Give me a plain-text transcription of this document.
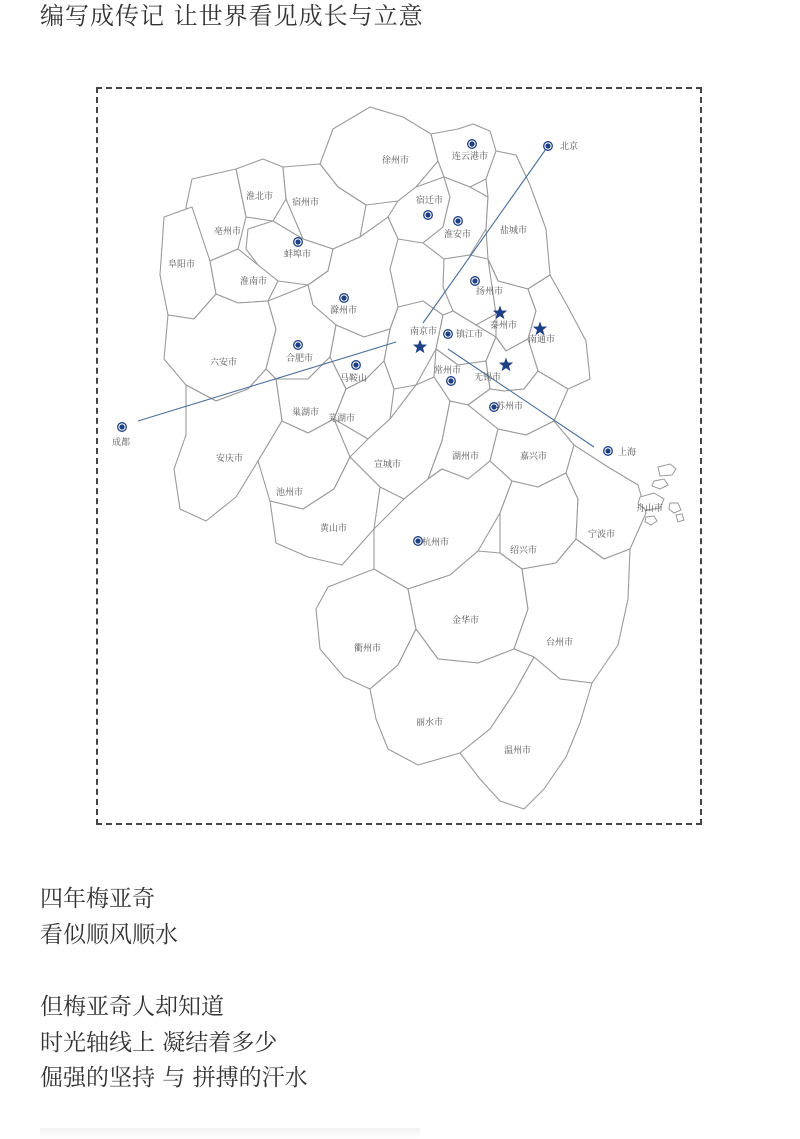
编写成传记 让世界看见成长与立意
徐州市	连云港市
宿迁市
淮安市	盐城市
扬州市
泰州市
南通市
南京市 镇江市
常州市
无锡市
苏州市
淮北市
宿州市
亳州市
蚌埠市
阜阳市
淮南市
滁州市
六安市	合肥市
马鞍山
巢湖市
芜湖市
安庆市
池州市
宣城市
黄山市
湖州市	嘉兴市
杭州市
绍兴市
宁波市
舟山市
衢州市
金华市
台州市
丽水市
温州市
北京
上海
成都
四年梅亚奇
看似顺风顺水
但梅亚奇人却知道
时光轴线上 凝结着多少
倔强的坚持 与 拼搏的汗水
